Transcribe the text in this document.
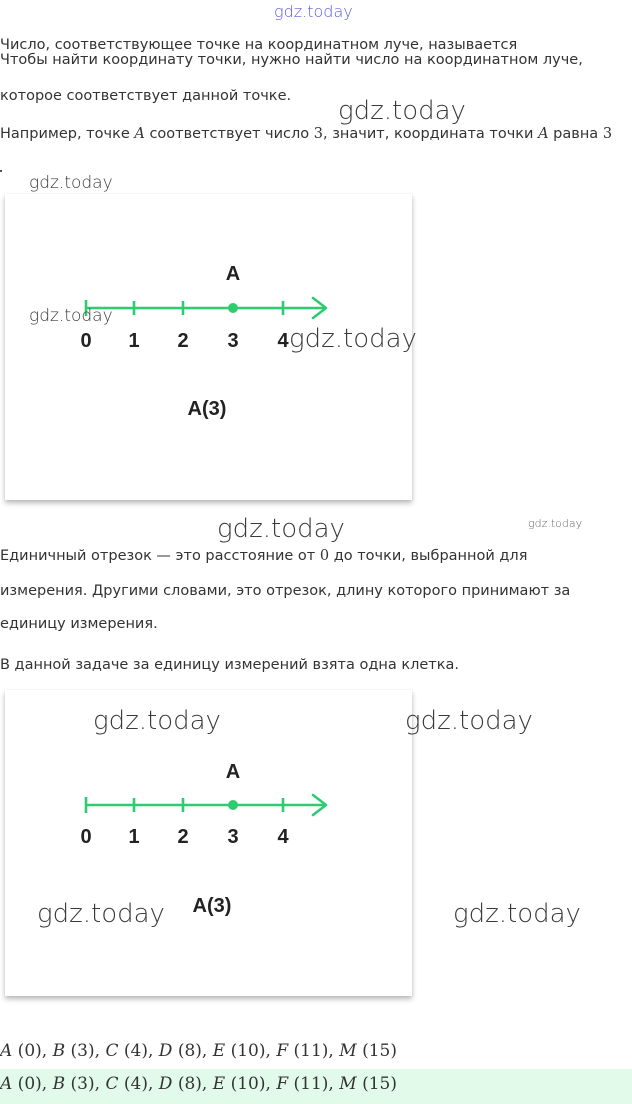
gdz.today
Число, соответствующее точке на координатном луче, называется
Чтобы найти координату точки, нужно найти число на координатном луче,
которое соответствует данной точке.
Например, точке A соответствует число 3, значит, координата точки A равна 3
gdz.today
gdz.today
A
0 1 2 3 4
A(3)
gdz.today
gdz.today
gdz.today	gdz.today
Единичный отрезок — это расстояние от 0 до точки, выбранной для
измерения. Другими словами, это отрезок, длину которого принимают за
единицу измерения.
В данной задаче за единицу измерений взята одна клетка.
A
0 1 2 3 4
A(3)
gdz.today	gdz.today
gdz.today	gdz.today
A (0), B (3), C (4), D (8), E (10), F (11), M (15)
A (0), B (3), C (4), D (8), E (10), F (11), M (15)
